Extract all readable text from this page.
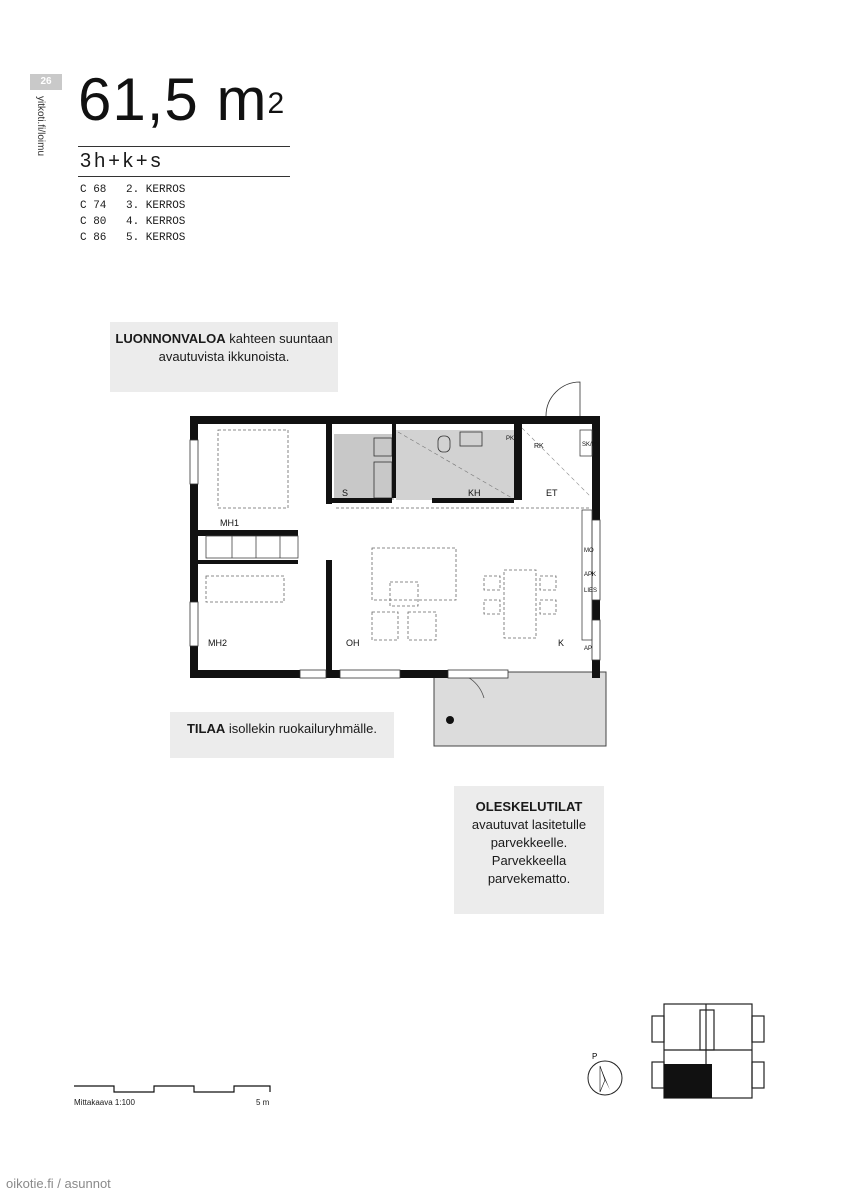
26
yitkoti.fi/loimu 61,5 $m^2$
3h+k+s
C 68	2. KERROS
C 74	3. KERROS
C 80	4. KERROS
C 86	5. KERROS
LUONNONVALOA kahteen suuntaan
avautuvista ikkunoista.
MH1
MH2
S	KH	ET
OH	K
RK	SK/PY
APK
LIES
MO
AP
PK
TILAA isollekin ruokailuryhmälle.
OLESKELUTILAT
avautuvat lasitetulle
parvekkeelle.
Parvekkeella
parvekematto.
Mittakaava 1:100	5 m
P
oikotie.fi / asunnot
